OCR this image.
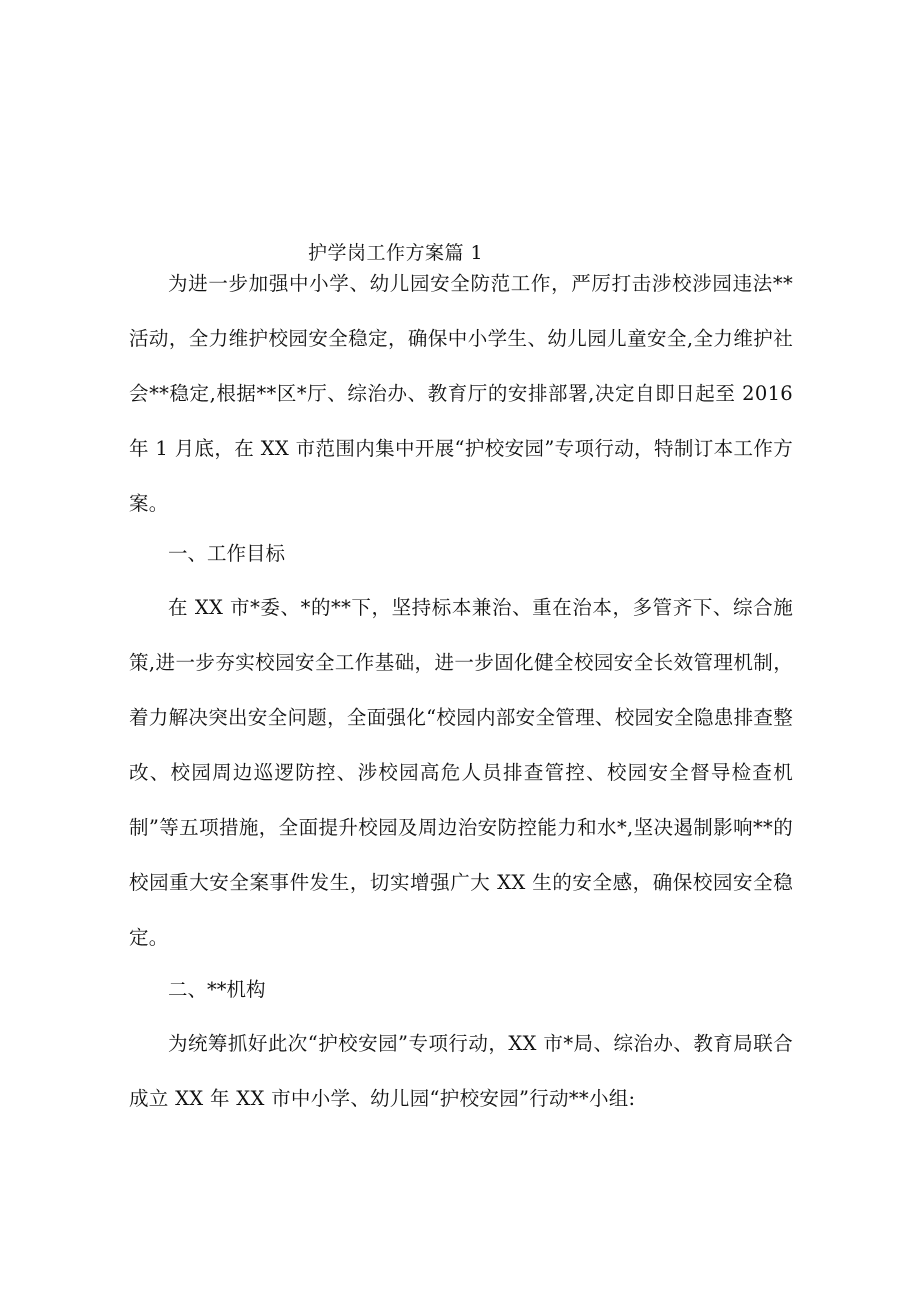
护学岗工作方案篇 1

为进一步加强中小学、幼儿园安全防范工作，严厉打击涉校涉园违法**活动，全力维护校园安全稳定，确保中小学生、幼儿园儿童安全,全力维护社会**稳定,根据**区*厅、综治办、教育厅的安排部署,决定自即日起至 2016 年 1 月底，在 XX 市范围内集中开展“护校安园”专项行动，特制订本工作方案。

一、工作目标

在 XX 市*委、*的**下，坚持标本兼治、重在治本，多管齐下、综合施策,进一步夯实校园安全工作基础，进一步固化健全校园安全长效管理机制，着力解决突出安全问题，全面强化“校园内部安全管理、校园安全隐患排查整改、校园周边巡逻防控、涉校园高危人员排查管控、校园安全督导检查机制”等五项措施，全面提升校园及周边治安防控能力和水*,坚决遏制影响**的校园重大安全案事件发生，切实增强广大 XX 生的安全感，确保校园安全稳定。

二、**机构

为统筹抓好此次“护校安园”专项行动，XX 市*局、综治办、教育局联合成立 XX 年 XX 市中小学、幼儿园“护校安园”行动**小组:
